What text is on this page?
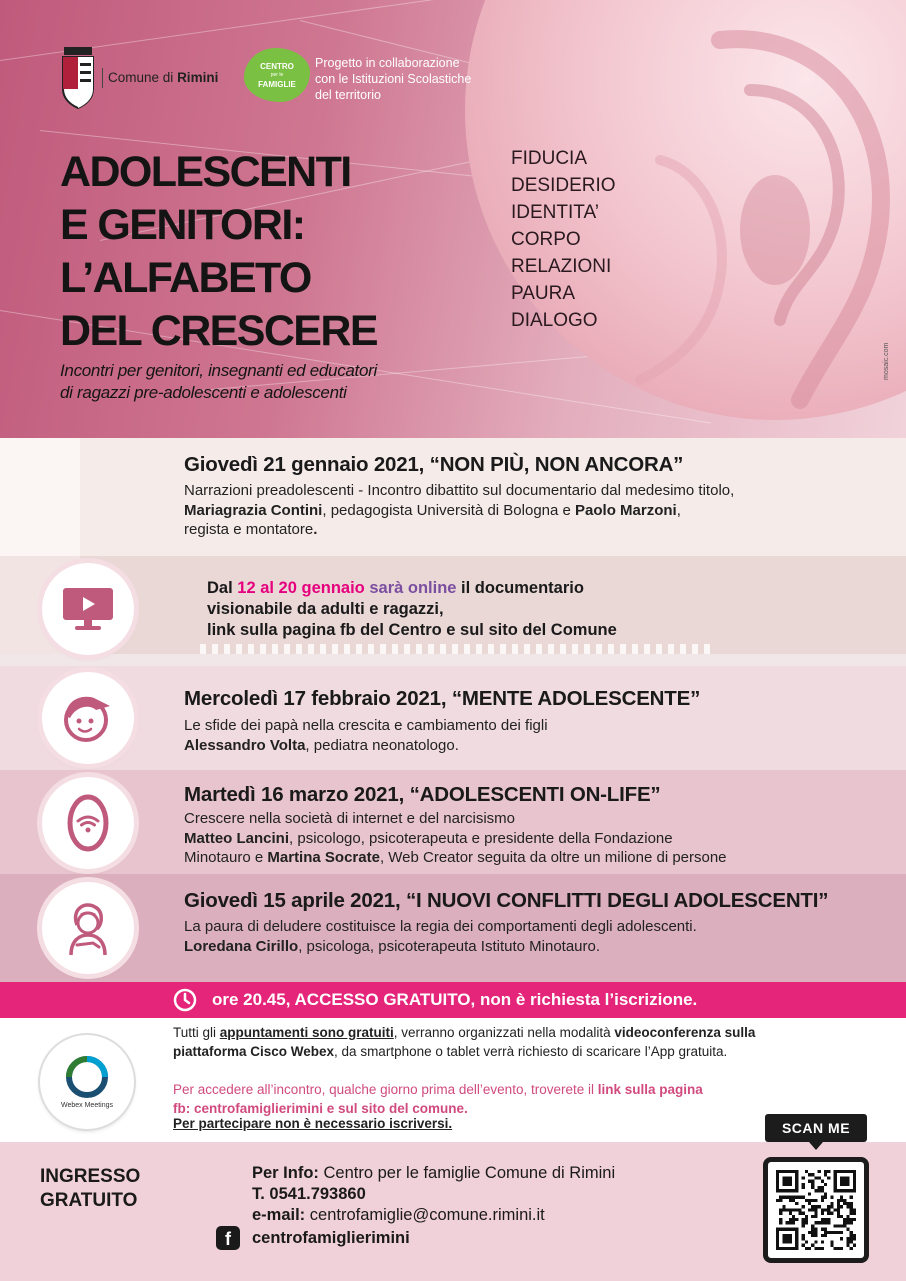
Comune di Rimini
CENTRO
per le
FAMIGLIE
Progetto in collaborazione
con le Istituzioni Scolastiche
del territorio
ADOLESCENTI
E GENITORI:
L’ALFABETO
DEL CRESCERE
FIDUCIA
DESIDERIO
IDENTITA’
CORPO
RELAZIONI
PAURA
DIALOGO
Incontri per genitori, insegnanti ed educatori
di ragazzi pre-adolescenti e adolescenti
mosaic.com
Giovedì 21 gennaio 2021, “NON PIÙ, NON ANCORA”
Narrazioni preadolescenti - Incontro dibattito sul documentario dal medesimo titolo,
Mariagrazia Contini, pedagogista Università di Bologna e Paolo Marzoni,
regista e montatore.
Dal 12 al 20 gennaio sarà online il documentario
visionabile da adulti e ragazzi,
link sulla pagina fb del Centro e sul sito del Comune
Mercoledì 17 febbraio 2021, “MENTE ADOLESCENTE”
Le sfide dei papà nella crescita e cambiamento dei figli
Alessandro Volta, pediatra neonatologo.
Martedì 16 marzo 2021, “ADOLESCENTI ON-LIFE”
Crescere nella società di internet e del narcisismo
Matteo Lancini, psicologo, psicoterapeuta e presidente della Fondazione
Minotauro e Martina Socrate, Web Creator seguita da oltre un milione di persone
Giovedì 15 aprile 2021, “I NUOVI CONFLITTI DEGLI ADOLESCENTI”
La paura di deludere costituisce la regia dei comportamenti degli adolescenti.
Loredana Cirillo, psicologa, psicoterapeuta Istituto Minotauro.
ore 20.45, ACCESSO GRATUITO, non è richiesta l’iscrizione.
Webex Meetings
Tutti gli appuntamenti sono gratuiti, verranno organizzati nella modalità videoconferenza sulla
piattaforma Cisco Webex, da smartphone o tablet verrà richiesto di scaricare l’App gratuita.
Per accedere all’incontro, qualche giorno prima dell’evento, troverete il link sulla pagina
fb: centrofamiglierimini e sul sito del comune.
Per partecipare non è necessario iscriversi.
INGRESSO
GRATUITO
Per Info: Centro per le famiglie Comune di Rimini
T. 0541.793860
e-mail: centrofamiglie@comune.rimini.it
f	centrofamiglierimini
SCAN ME
